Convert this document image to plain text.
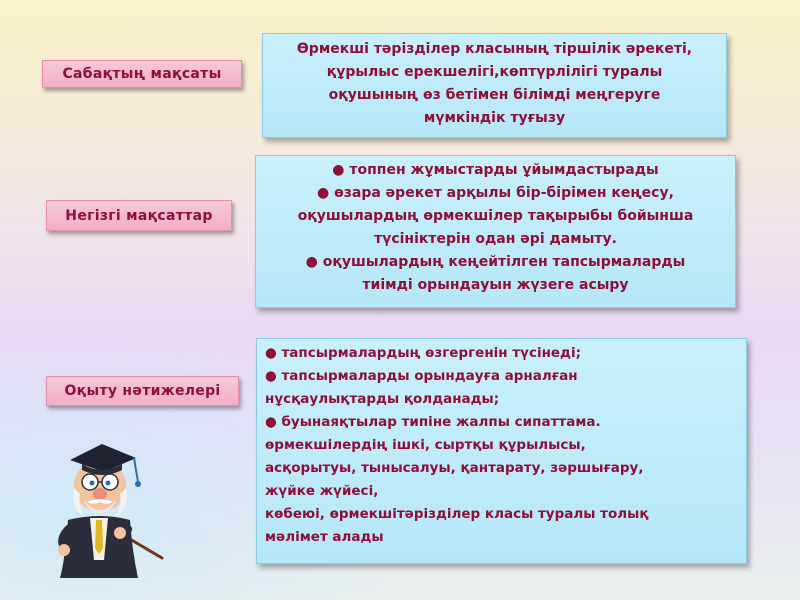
Сабақтың мақсаты
Негізгі мақсаттар
Оқыту нәтижелері
Өрмекші тәрізділер класының тіршілік әрекеті,
құрылыс ерекшелігі,көптүрлілігі туралы
оқушының өз бетімен білімді меңгеруге
мүмкіндік туғызу
● топпен жұмыстарды ұйымдастырады
● өзара әрекет арқылы бір-бірімен кеңесу,
оқушылардың өрмекшілер тақырыбы бойынша
түсініктерін одан әрі дамыту.
● оқушылардың кеңейтілген тапсырмаларды
тиімді орындауын жүзеге асыру
● тапсырмалардың өзгергенін түсінеді;
● тапсырмаларды орындауға арналған
нұсқаулықтарды қолданады;
● буынаяқтылар типіне жалпы сипаттама.
өрмекшілердің ішкі, сыртқы құрылысы,
асқорытуы, тынысалуы, қантарату, зәршығару,
жүйке жүйесі,
көбеюі, өрмекшітәрізділер класы туралы толық
мәлімет алады
